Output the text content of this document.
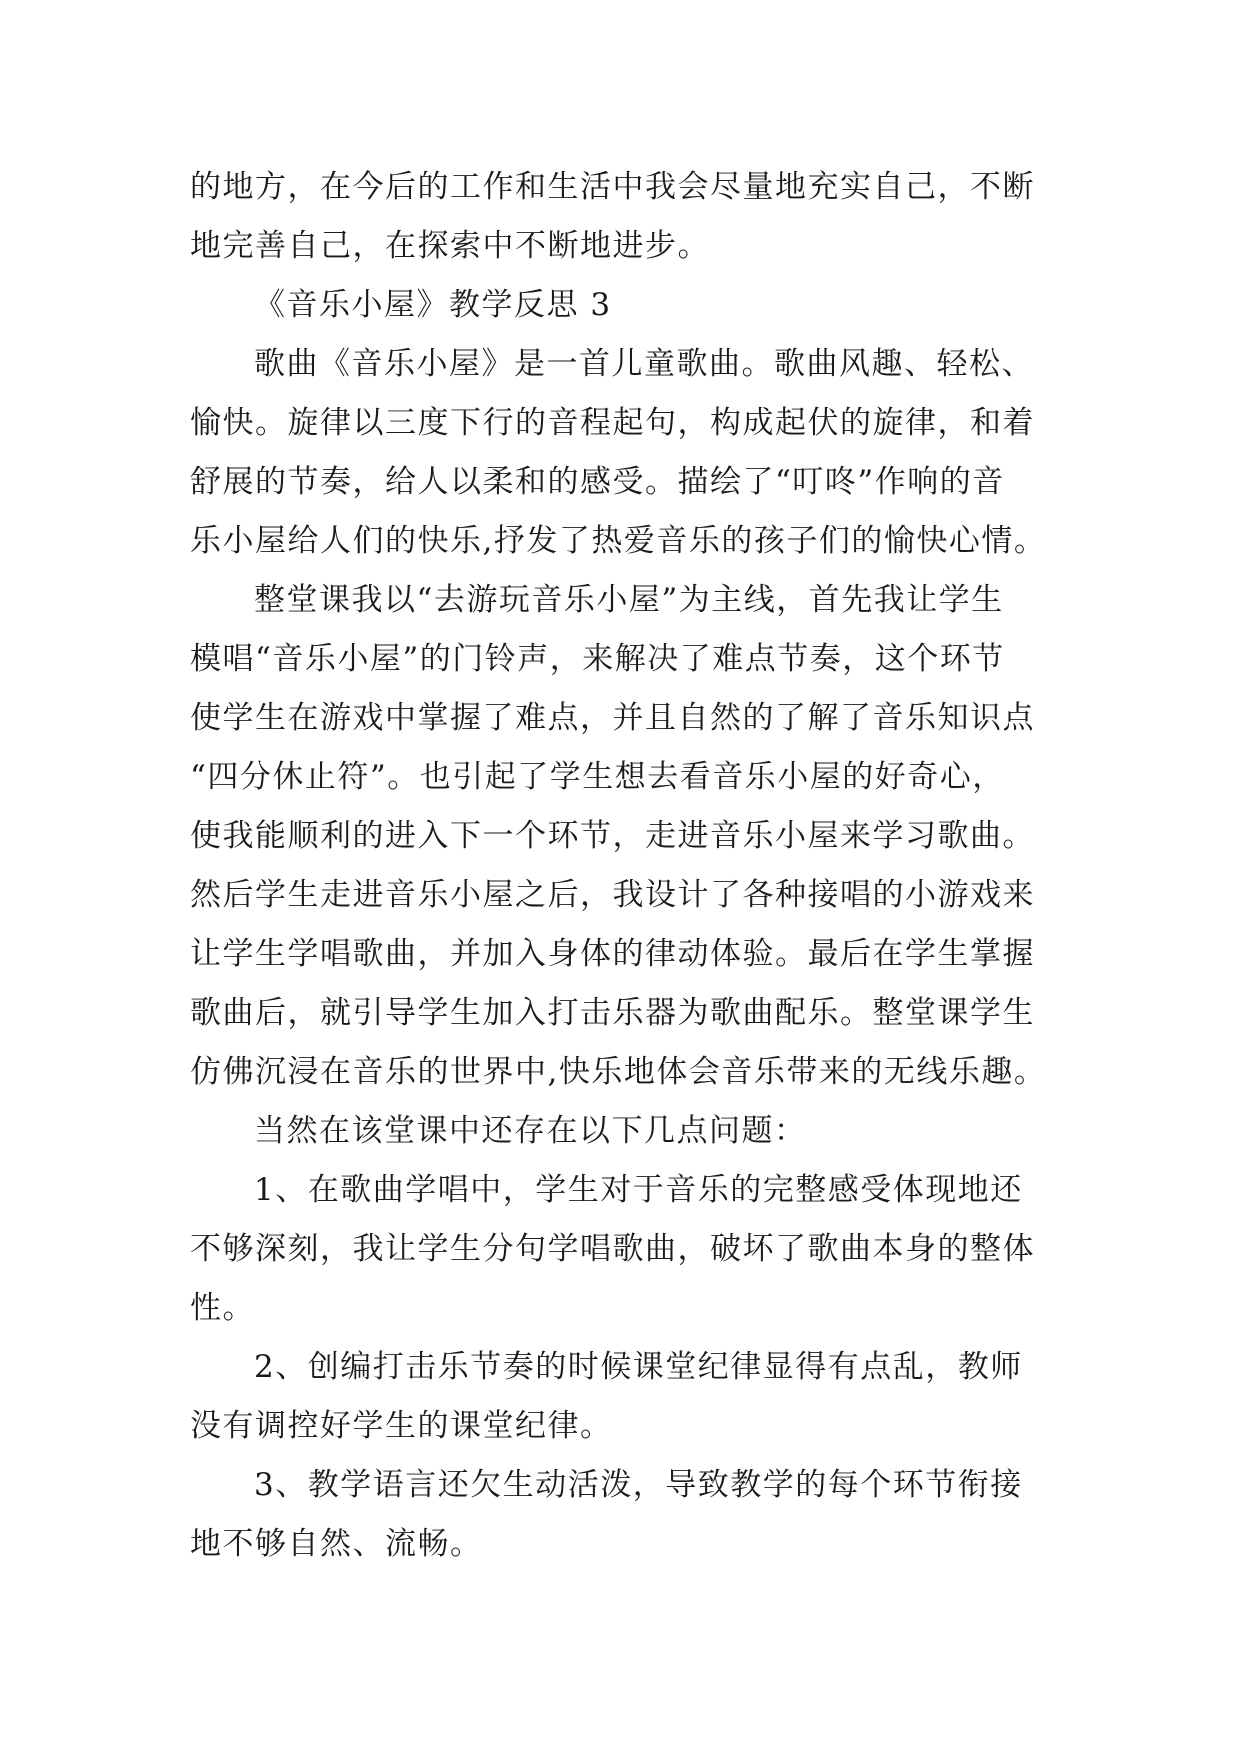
的地方，在今后的工作和生活中我会尽量地充实自己，不断
地完善自己，在探索中不断地进步。
《音乐小屋》教学反思 3
歌曲《音乐小屋》是一首儿童歌曲。歌曲风趣、轻松、
愉快。旋律以三度下行的音程起句，构成起伏的旋律，和着
舒展的节奏，给人以柔和的感受。描绘了“叮咚”作响的音
乐小屋给人们的快乐,抒发了热爱音乐的孩子们的愉快心情。
整堂课我以“去游玩音乐小屋”为主线，首先我让学生
模唱“音乐小屋”的门铃声，来解决了难点节奏，这个环节
使学生在游戏中掌握了难点，并且自然的了解了音乐知识点
“四分休止符”。也引起了学生想去看音乐小屋的好奇心，
使我能顺利的进入下一个环节，走进音乐小屋来学习歌曲。
然后学生走进音乐小屋之后，我设计了各种接唱的小游戏来
让学生学唱歌曲，并加入身体的律动体验。最后在学生掌握
歌曲后，就引导学生加入打击乐器为歌曲配乐。整堂课学生
仿佛沉浸在音乐的世界中,快乐地体会音乐带来的无线乐趣。
当然在该堂课中还存在以下几点问题：
1、在歌曲学唱中，学生对于音乐的完整感受体现地还
不够深刻，我让学生分句学唱歌曲，破坏了歌曲本身的整体
性。
2、创编打击乐节奏的时候课堂纪律显得有点乱，教师
没有调控好学生的课堂纪律。
3、教学语言还欠生动活泼，导致教学的每个环节衔接
地不够自然、流畅。
